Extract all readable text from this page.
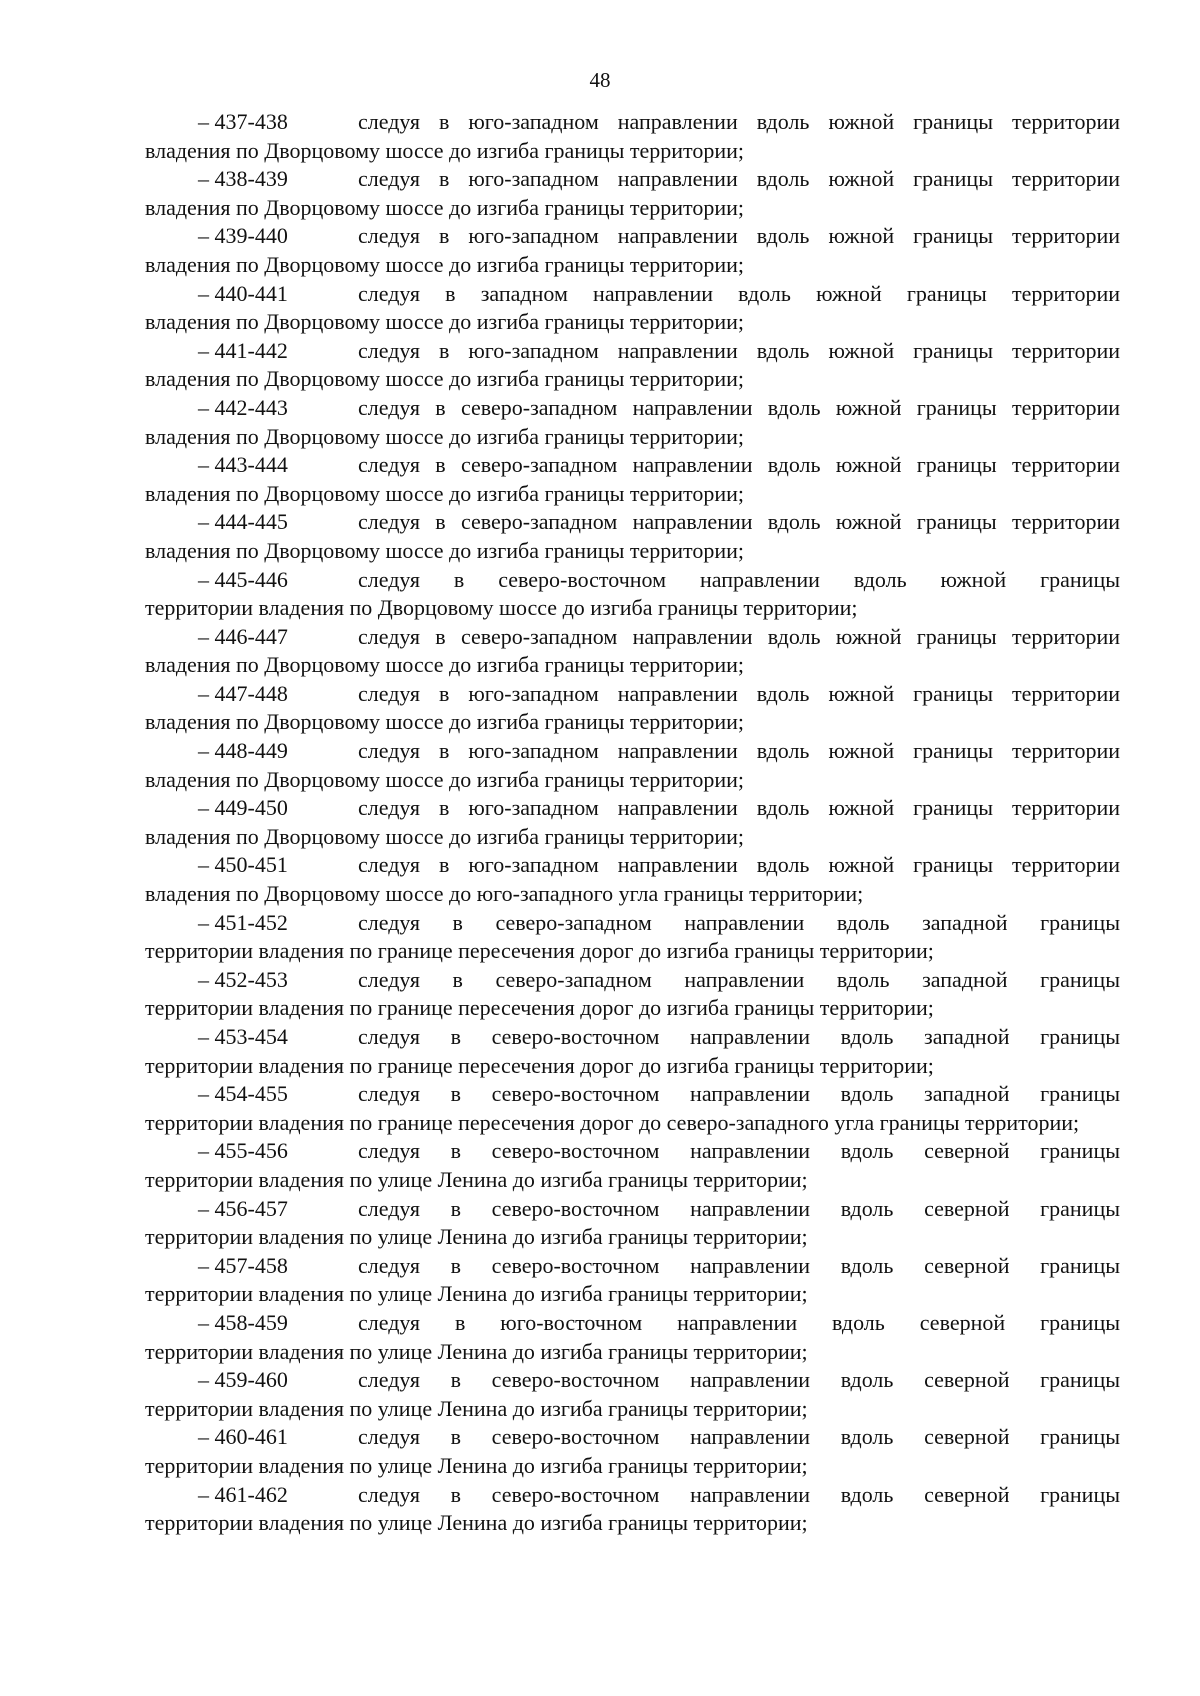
48
– 437-438	следуя в юго-западном направлении вдоль южной границы территории
владения по Дворцовому шоссе до изгиба границы территории;
– 438-439	следуя в юго-западном направлении вдоль южной границы территории
владения по Дворцовому шоссе до изгиба границы территории;
– 439-440	следуя в юго-западном направлении вдоль южной границы территории
владения по Дворцовому шоссе до изгиба границы территории;
– 440-441	следуя в западном направлении вдоль южной границы территории
владения по Дворцовому шоссе до изгиба границы территории;
– 441-442	следуя в юго-западном направлении вдоль южной границы территории
владения по Дворцовому шоссе до изгиба границы территории;
– 442-443	следуя в северо-западном направлении вдоль южной границы территории
владения по Дворцовому шоссе до изгиба границы территории;
– 443-444	следуя в северо-западном направлении вдоль южной границы территории
владения по Дворцовому шоссе до изгиба границы территории;
– 444-445	следуя в северо-западном направлении вдоль южной границы территории
владения по Дворцовому шоссе до изгиба границы территории;
– 445-446	следуя в северо-восточном направлении вдоль южной границы
территории владения по Дворцовому шоссе до изгиба границы территории;
– 446-447	следуя в северо-западном направлении вдоль южной границы территории
владения по Дворцовому шоссе до изгиба границы территории;
– 447-448	следуя в юго-западном направлении вдоль южной границы территории
владения по Дворцовому шоссе до изгиба границы территории;
– 448-449	следуя в юго-западном направлении вдоль южной границы территории
владения по Дворцовому шоссе до изгиба границы территории;
– 449-450	следуя в юго-западном направлении вдоль южной границы территории
владения по Дворцовому шоссе до изгиба границы территории;
– 450-451	следуя в юго-западном направлении вдоль южной границы территории
владения по Дворцовому шоссе до юго-западного угла границы территории;
– 451-452	следуя в северо-западном направлении вдоль западной границы
территории владения по границе пересечения дорог до изгиба границы территории;
– 452-453	следуя в северо-западном направлении вдоль западной границы
территории владения по границе пересечения дорог до изгиба границы территории;
– 453-454	следуя в северо-восточном направлении вдоль западной границы
территории владения по границе пересечения дорог до изгиба границы территории;
– 454-455	следуя в северо-восточном направлении вдоль западной границы
территории владения по границе пересечения дорог до северо-западного угла границы территории;
– 455-456	следуя в северо-восточном направлении вдоль северной границы
территории владения по улице Ленина до изгиба границы территории;
– 456-457	следуя в северо-восточном направлении вдоль северной границы
территории владения по улице Ленина до изгиба границы территории;
– 457-458	следуя в северо-восточном направлении вдоль северной границы
территории владения по улице Ленина до изгиба границы территории;
– 458-459	следуя в юго-восточном направлении вдоль северной границы
территории владения по улице Ленина до изгиба границы территории;
– 459-460	следуя в северо-восточном направлении вдоль северной границы
территории владения по улице Ленина до изгиба границы территории;
– 460-461	следуя в северо-восточном направлении вдоль северной границы
территории владения по улице Ленина до изгиба границы территории;
– 461-462	следуя в северо-восточном направлении вдоль северной границы
территории владения по улице Ленина до изгиба границы территории;
